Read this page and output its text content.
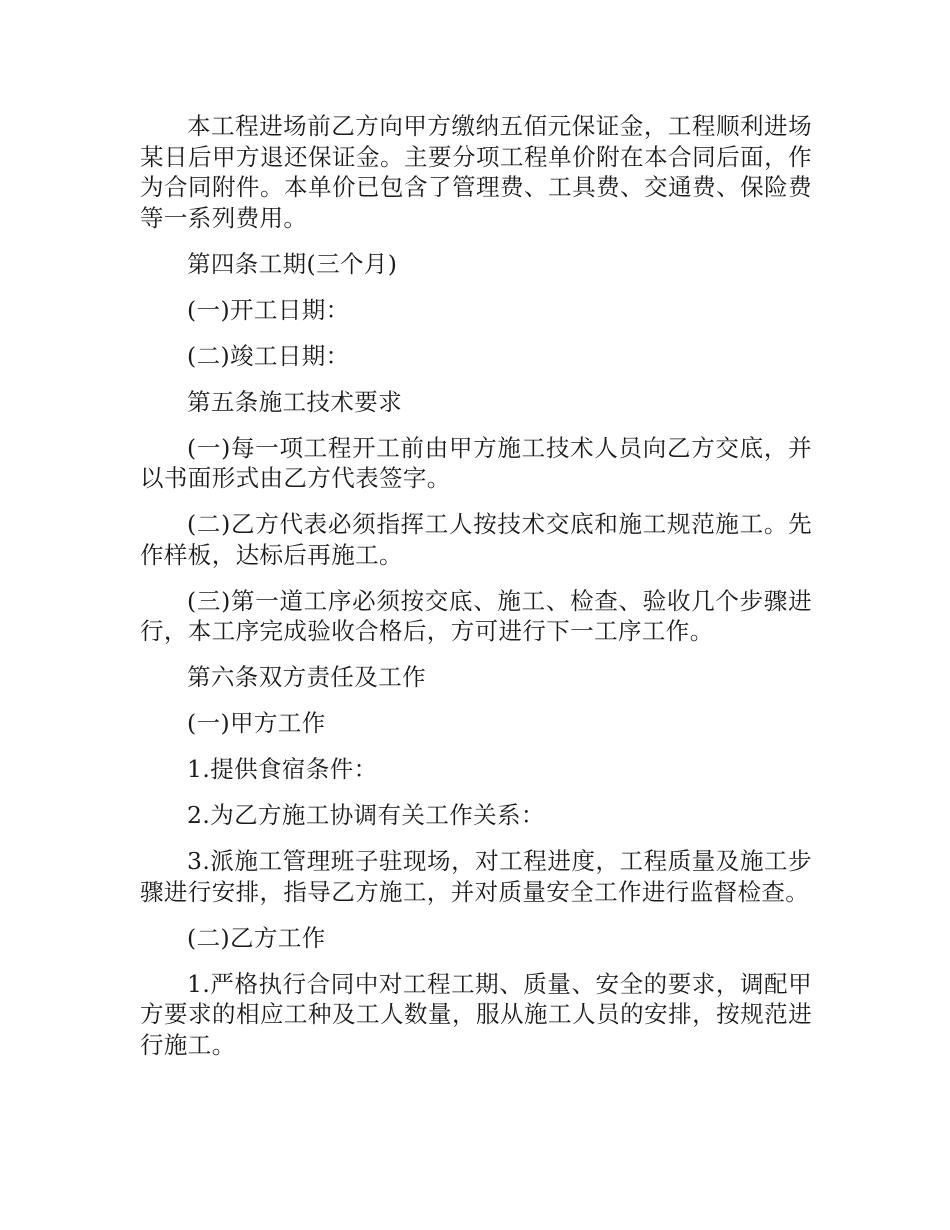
本工程进场前乙方向甲方缴纳五佰元保证金，工程顺利进场某日后甲方退还保证金。主要分项工程单价附在本合同后面，作为合同附件。本单价已包含了管理费、工具费、交通费、保险费等一系列费用。

第四条工期(三个月)

(一)开工日期：

(二)竣工日期：

第五条施工技术要求

(一)每一项工程开工前由甲方施工技术人员向乙方交底，并以书面形式由乙方代表签字。

(二)乙方代表必须指挥工人按技术交底和施工规范施工。先作样板，达标后再施工。

(三)第一道工序必须按交底、施工、检查、验收几个步骤进行，本工序完成验收合格后，方可进行下一工序工作。

第六条双方责任及工作

(一)甲方工作

1.提供食宿条件：

2.为乙方施工协调有关工作关系：

3.派施工管理班子驻现场，对工程进度，工程质量及施工步骤进行安排，指导乙方施工，并对质量安全工作进行监督检查。

(二)乙方工作

1.严格执行合同中对工程工期、质量、安全的要求，调配甲方要求的相应工种及工人数量，服从施工人员的安排，按规范进行施工。
